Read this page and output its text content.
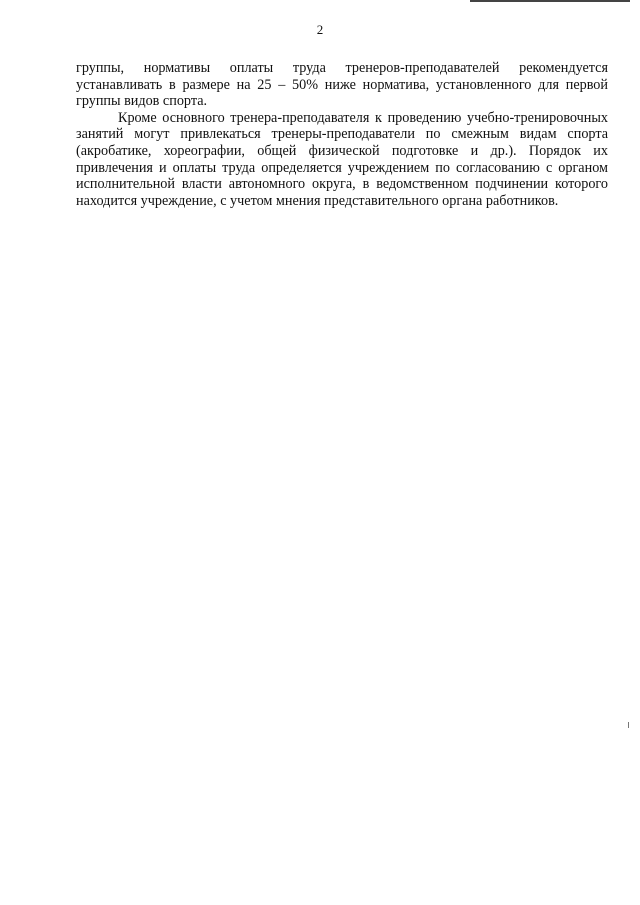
2

группы, нормативы оплаты труда тренеров-преподавателей рекомендуется устанавливать в размере на 25 – 50% ниже норматива, установленного для первой группы видов спорта.

Кроме основного тренера-преподавателя к проведению учебно-тренировочных занятий могут привлекаться тренеры-преподаватели по смежным видам спорта (акробатике, хореографии, общей физической подготовке и др.). Порядок их привлечения и оплаты труда определяется учреждением по согласованию с органом исполнительной власти автономного округа, в ведомственном подчинении которого находится учреждение, с учетом мнения представительного органа работников.
